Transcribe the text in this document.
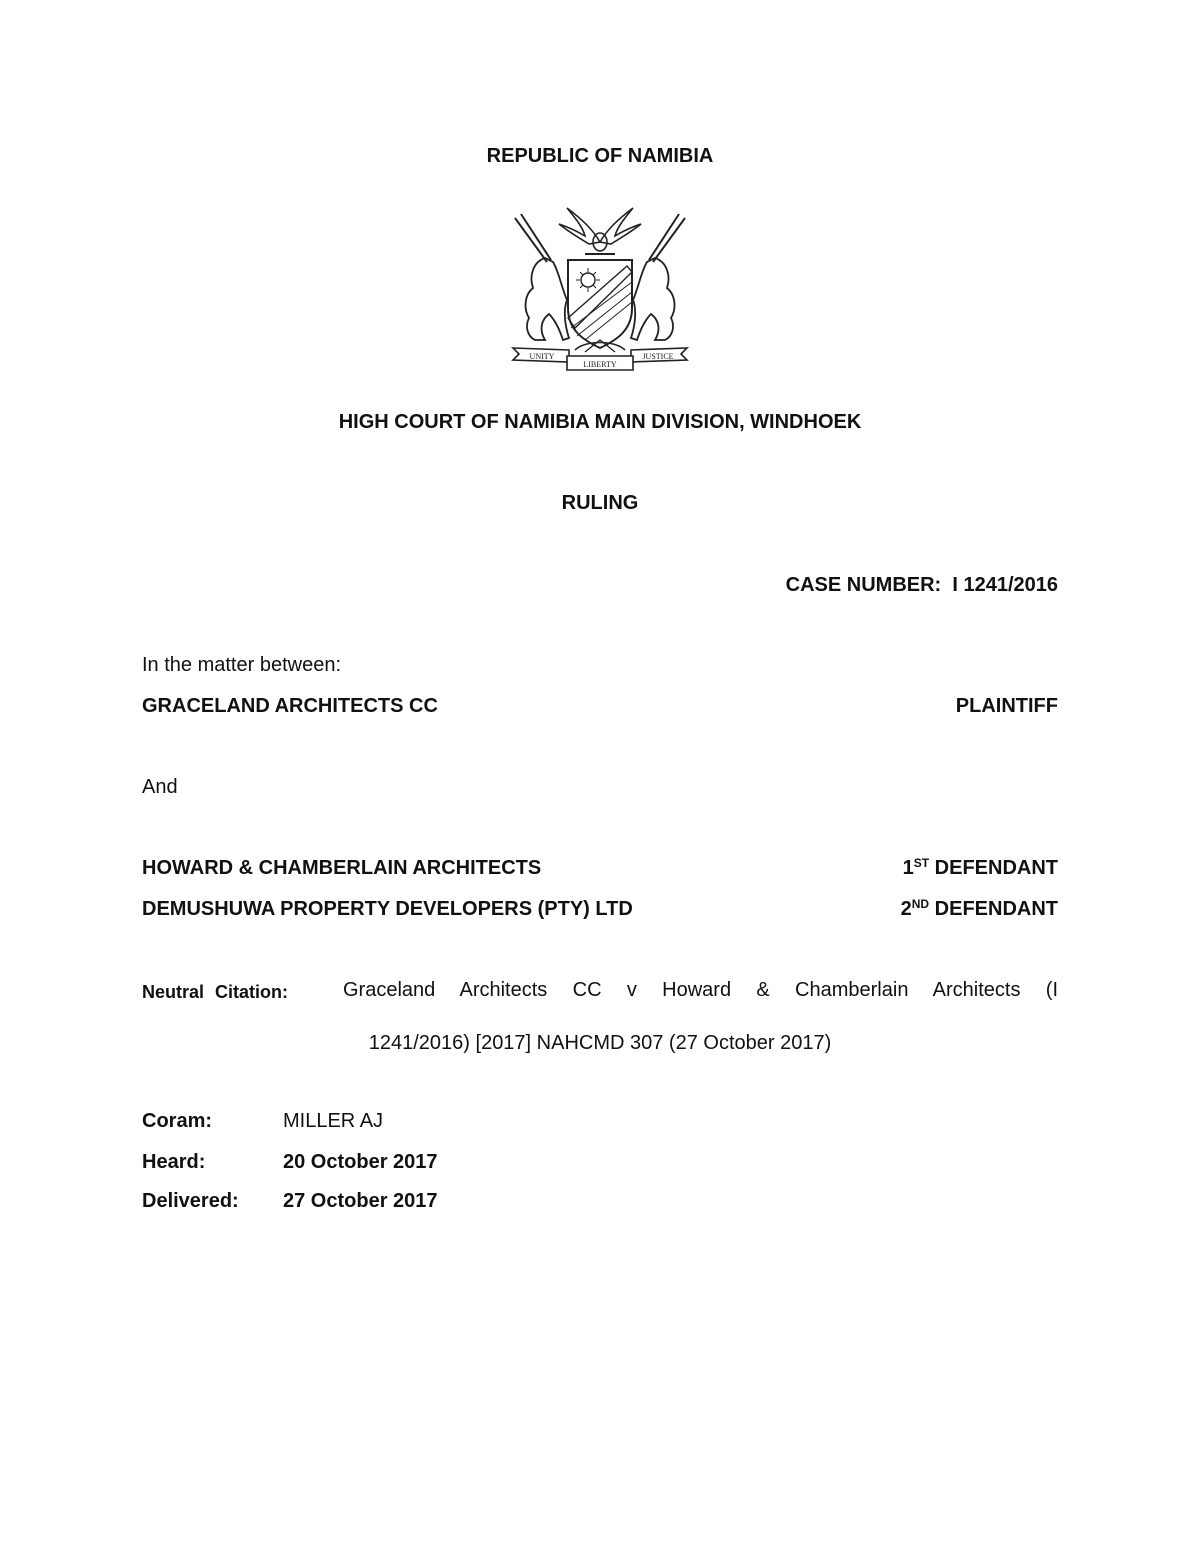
REPUBLIC OF NAMIBIA
UNITY
LIBERTY
JUSTICE
HIGH COURT OF NAMIBIA MAIN DIVISION, WINDHOEK
RULING
CASE NUMBER: I 1241/2016
In the matter between:
GRACELAND ARCHITECTS CC	PLAINTIFF
And
HOWARD & CHAMBERLAIN ARCHITECTS	1ST DEFENDANT
DEMUSHUWA PROPERTY DEVELOPERS (PTY) LTD	2ND DEFENDANT
Neutral Citation:	Graceland Architects CC v Howard & Chamberlain Architects (I
1241/2016) [2017] NAHCMD 307 (27 October 2017)
Coram:	MILLER AJ
Heard:	20 October 2017
Delivered: 27 October 2017
